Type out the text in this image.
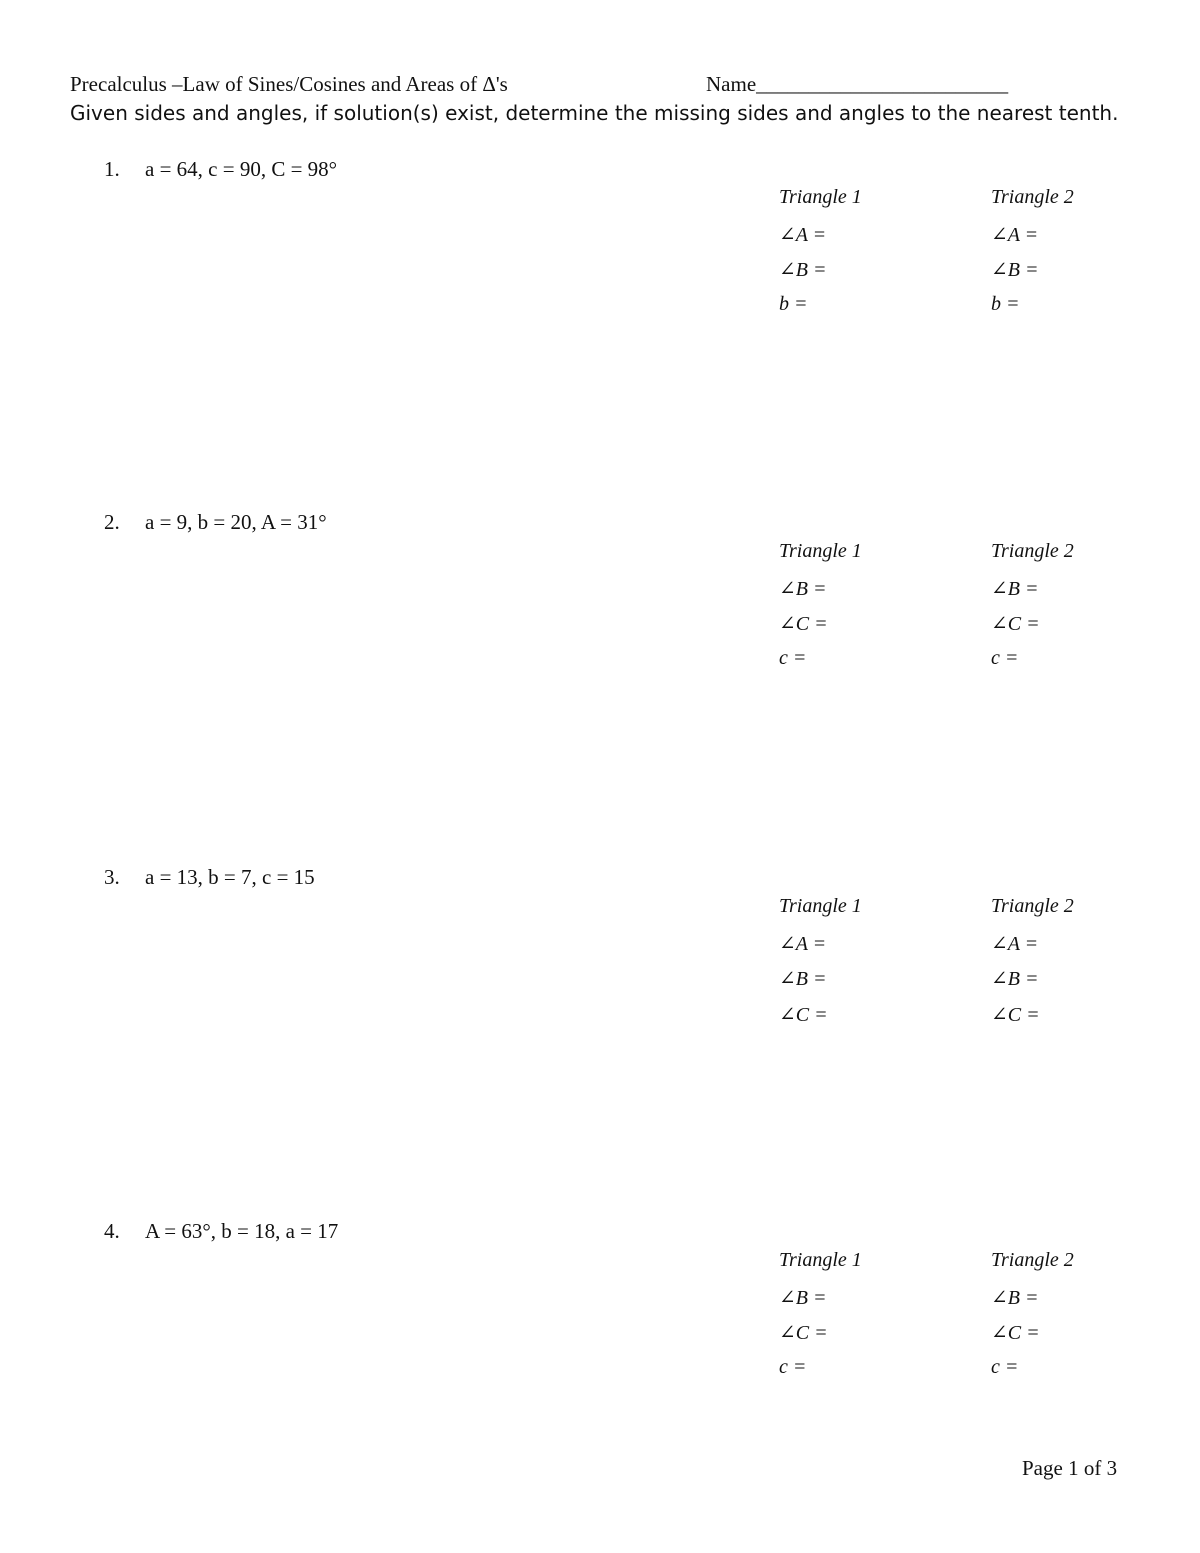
Precalculus –Law of Sines/Cosines and Areas of Δ's	Name________________________
Given sides and angles, if solution(s) exist, determine the missing sides and angles to the nearest tenth.
1. a = 64, c = 90, C = 98°
Triangle 1
∠A =
∠B =
b =
Triangle 2
∠A =
∠B =
b =
2. a = 9, b = 20, A = 31°
Triangle 1
∠B =
∠C =
c =
Triangle 2
∠B =
∠C =
c =
3. a = 13, b = 7, c = 15
Triangle 1
∠A =
∠B =
∠C =
Triangle 2
∠A =
∠B =
∠C =
4. A = 63°, b = 18, a = 17
Triangle 1
∠B =
∠C =
c =
Triangle 2
∠B =
∠C =
c =
Page 1 of 3
